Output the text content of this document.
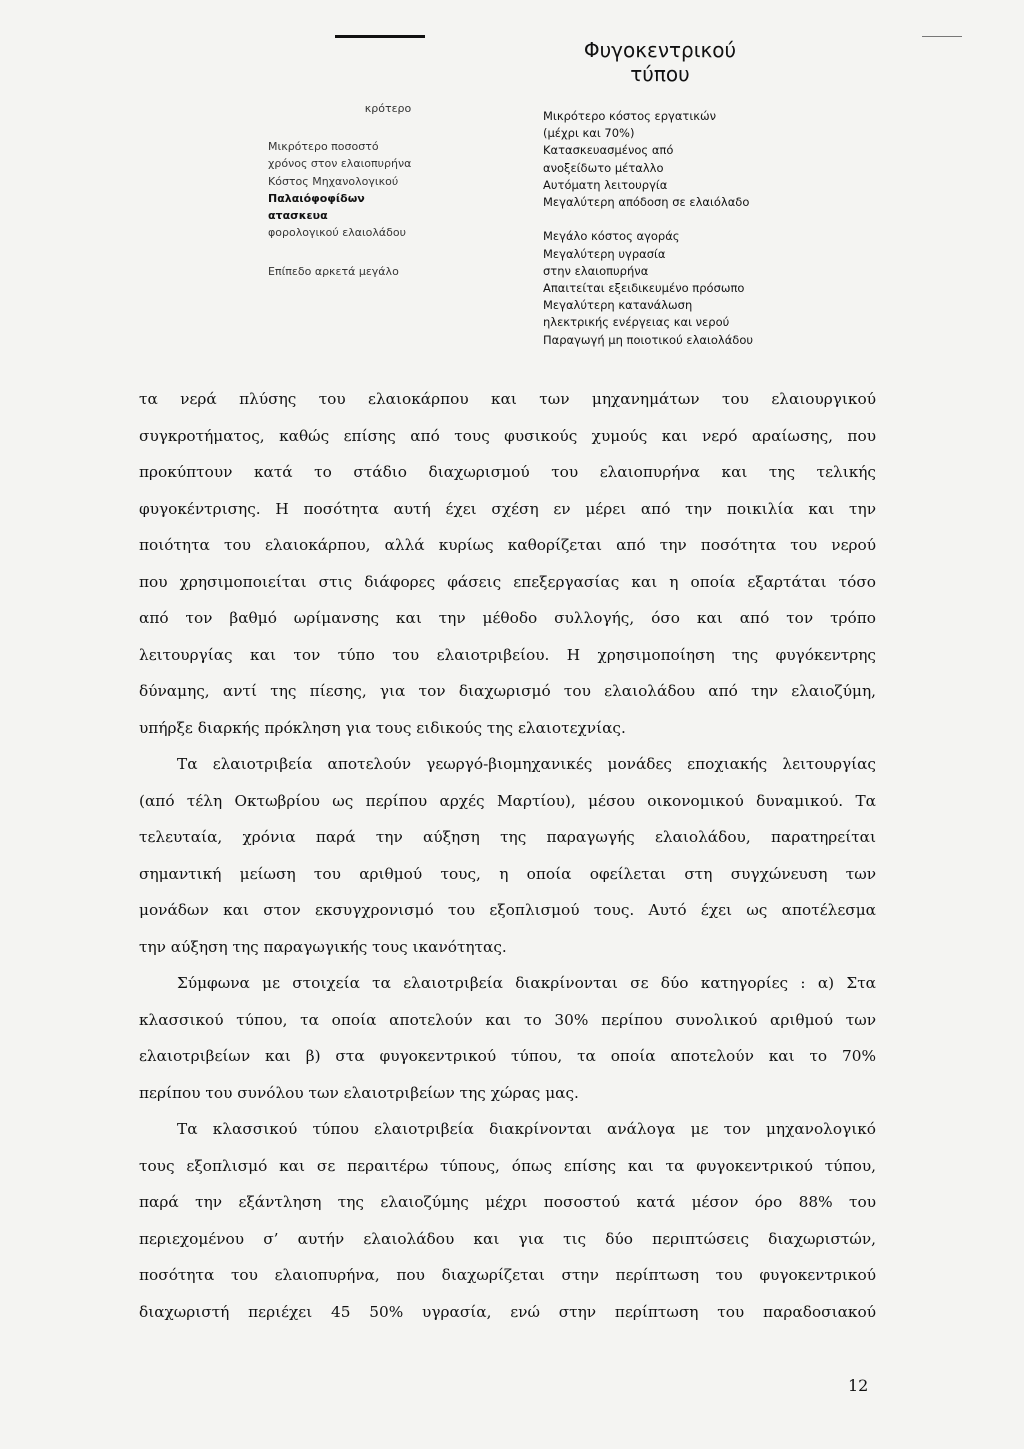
Φυγοκεντρικού
τύπου
κρότερο
Μικρότερο ποσοστό
χρόνος στον ελαιοπυρήνα
Κόστος Μηχανολογικού
Παλαιόφοφίδων
ατασκευα
φορολογικού ελαιολάδου

Επίπεδο αρκετά μεγάλο
Μικρότερο κόστος εργατικών
(μέχρι και 70%)
Κατασκευασμένος από
ανοξείδωτο μέταλλο
Αυτόματη λειτουργία
Μεγαλύτερη απόδοση σε ελαιόλαδο

Μεγάλο κόστος αγοράς
Μεγαλύτερη υγρασία
στην ελαιοπυρήνα
Απαιτείται εξειδικευμένο πρόσωπο
Μεγαλύτερη κατανάλωση
ηλεκτρικής ενέργειας και νερού
Παραγωγή μη ποιοτικού ελαιολάδου

τα νερά πλύσης του ελαιοκάρπου και των μηχανημάτων του ελαιουργικού

συγκροτήματος, καθώς επίσης από τους φυσικούς χυμούς και νερό αραίωσης, που

προκύπτουν κατά το στάδιο διαχωρισμού του ελαιοπυρήνα και της τελικής

φυγοκέντρισης. Η ποσότητα αυτή έχει σχέση εν μέρει από την ποικιλία και την

ποιότητα του ελαιοκάρπου, αλλά κυρίως καθορίζεται από την ποσότητα του νερού

που χρησιμοποιείται στις διάφορες φάσεις επεξεργασίας και η οποία εξαρτάται τόσο

από τον βαθμό ωρίμανσης και την μέθοδο συλλογής, όσο και από τον τρόπο

λειτουργίας και τον τύπο του ελαιοτριβείου. Η χρησιμοποίηση της φυγόκεντρης

δύναμης, αντί της πίεσης, για τον διαχωρισμό του ελαιολάδου από την ελαιοζύμη,

υπήρξε διαρκής πρόκληση για τους ειδικούς της ελαιοτεχνίας.

Τα ελαιοτριβεία αποτελούν γεωργό-βιομηχανικές μονάδες εποχιακής λειτουργίας

(από τέλη Οκτωβρίου ως περίπου αρχές Μαρτίου), μέσου οικονομικού δυναμικού. Τα

τελευταία, χρόνια παρά την αύξηση της παραγωγής ελαιολάδου, παρατηρείται

σημαντική μείωση του αριθμού τους, η οποία οφείλεται στη συγχώνευση των

μονάδων και στον εκσυγχρονισμό του εξοπλισμού τους. Αυτό έχει ως αποτέλεσμα

την αύξηση της παραγωγικής τους ικανότητας.

Σύμφωνα με στοιχεία τα ελαιοτριβεία διακρίνονται σε δύο κατηγορίες : α) Στα

κλασσικού τύπου, τα οποία αποτελούν και το 30% περίπου συνολικού αριθμού των

ελαιοτριβείων και β) στα φυγοκεντρικού τύπου, τα οποία αποτελούν και το 70%

περίπου του συνόλου των ελαιοτριβείων της χώρας μας.

Τα κλασσικού τύπου ελαιοτριβεία διακρίνονται ανάλογα με τον μηχανολογικό

τους εξοπλισμό και σε περαιτέρω τύπους, όπως επίσης και τα φυγοκεντρικού τύπου,

παρά την εξάντληση της ελαιοζύμης μέχρι ποσοστού κατά μέσον όρο 88% του

περιεχομένου σ’ αυτήν ελαιολάδου και για τις δύο περιπτώσεις διαχωριστών,

ποσότητα του ελαιοπυρήνα, που διαχωρίζεται στην περίπτωση του φυγοκεντρικού

διαχωριστή περιέχει 45 50% υγρασία, ενώ στην περίπτωση του παραδοσιακού

12
